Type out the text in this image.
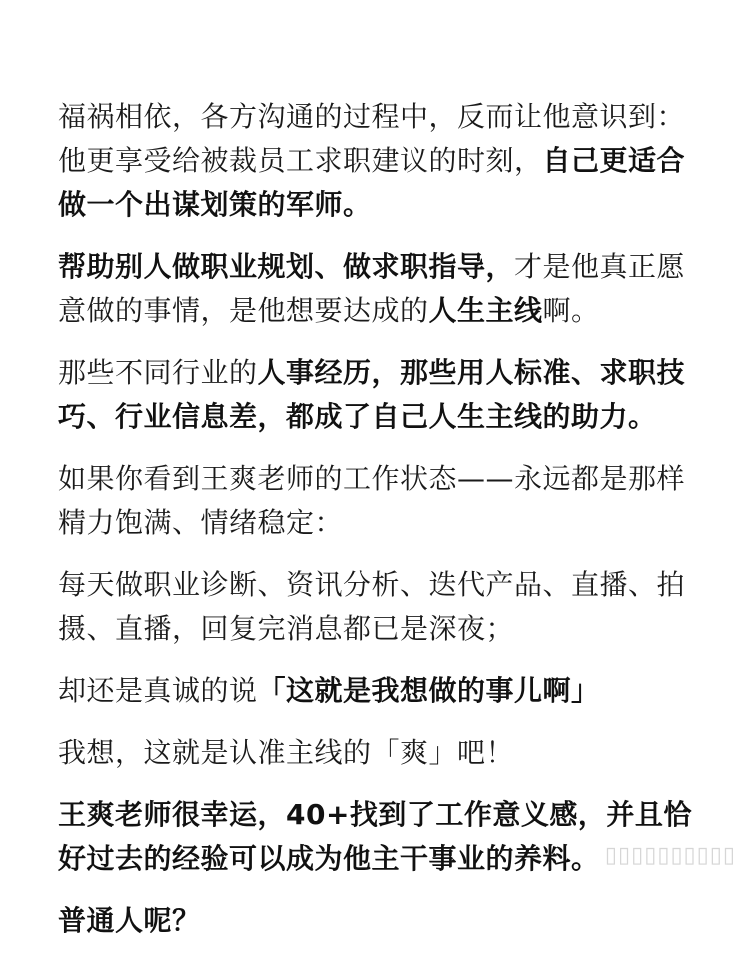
福祸相依，各方沟通的过程中，反而让他意识到：他更享受给被裁员工求职建议的时刻，自己更适合做一个出谋划策的军师。

帮助别人做职业规划、做求职指导，才是他真正愿意做的事情，是他想要达成的人生主线啊。

那些不同行业的人事经历，那些用人标准、求职技巧、行业信息差，都成了自己人生主线的助力。

如果你看到王爽老师的工作状态——永远都是那样精力饱满、情绪稳定：

每天做职业诊断、资讯分析、迭代产品、直播、拍摄、直播，回复完消息都已是深夜；

却还是真诚的说「这就是我想做的事儿啊」

我想，这就是认准主线的「爽」吧！

王爽老师很幸运，40+找到了工作意义感，并且恰好过去的经验可以成为他主干事业的养料。

普通人呢？

▯▯▯▯▯▯▯▯▯▯
